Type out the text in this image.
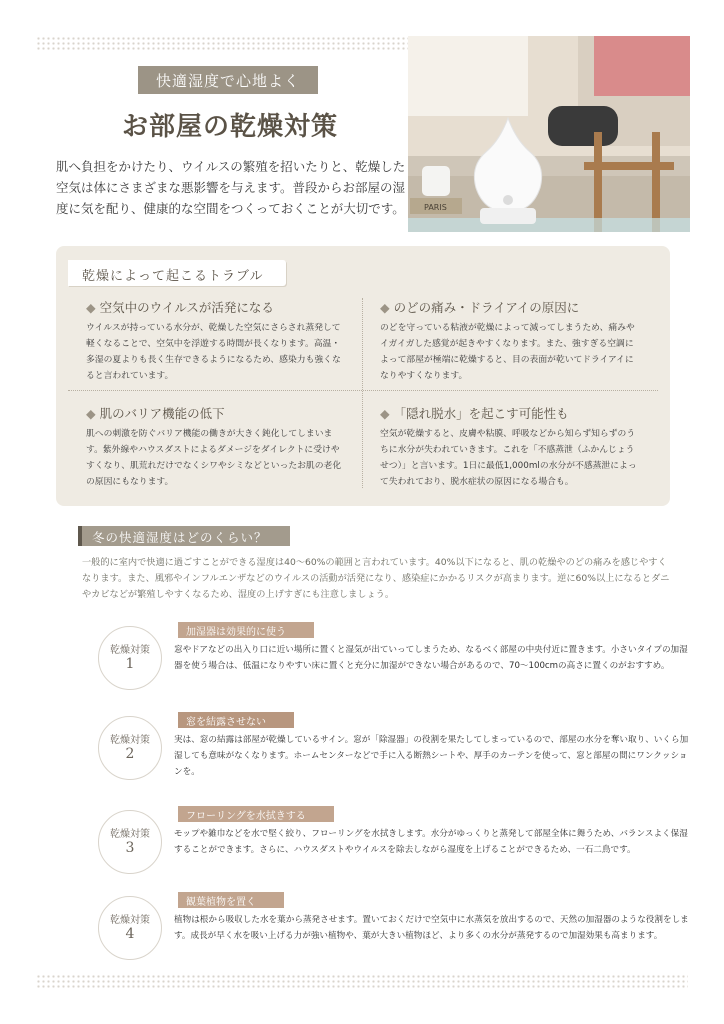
快適湿度で心地よく
お部屋の乾燥対策

肌へ負担をかけたり、ウイルスの繁殖を招いたりと、乾燥した空気は体にさまざまな悪影響を与えます。普段からお部屋の湿度に気を配り、健康的な空間をつくっておくことが大切です。 PARIS
乾燥によって起こるトラブル
◆ 空気中のウイルスが活発になる

ウイルスが持っている水分が、乾燥した空気にさらされ蒸発して軽くなることで、空気中を浮遊する時間が長くなります。高温・多湿の夏よりも長く生存できるようになるため、感染力も強くなると言われています。

◆ のどの痛み・ドライアイの原因に

のどを守っている粘液が乾燥によって減ってしまうため、痛みやイガイガした感覚が起きやすくなります。また、強すぎる空調によって部屋が極端に乾燥すると、目の表面が乾いてドライアイになりやすくなります。

◆ 肌のバリア機能の低下

肌への刺激を防ぐバリア機能の働きが大きく鈍化してしまいます。紫外線やハウスダストによるダメージをダイレクトに受けやすくなり、肌荒れだけでなくシワやシミなどといったお肌の老化の原因にもなります。

◆ 「隠れ脱水」を起こす可能性も

空気が乾燥すると、皮膚や粘膜、呼吸などから知らず知らずのうちに水分が失われていきます。これを「不感蒸泄（ふかんじょうせつ）」と言います。1日に最低1,000mlの水分が不感蒸泄によって失われており、脱水症状の原因になる場合も。

冬の快適湿度はどのくらい？

一般的に室内で快適に過ごすことができる湿度は40〜60%の範囲と言われています。40%以下になると、肌の乾燥やのどの痛みを感じやすくなります。また、風邪やインフルエンザなどのウイルスの活動が活発になり、感染症にかかるリスクが高まります。逆に60%以上になるとダニやカビなどが繁殖しやすくなるため、湿度の上げすぎにも注意しましょう。

乾燥対策
1
加湿器は効果的に使う

窓やドアなどの出入り口に近い場所に置くと湿気が出ていってしまうため、なるべく部屋の中央付近に置きます。小さいタイプの加湿器を使う場合は、低温になりやすい床に置くと充分に加湿ができない場合があるので、70〜100cmの高さに置くのがおすすめ。

乾燥対策
2
窓を結露させない

実は、窓の結露は部屋が乾燥しているサイン。窓が「除湿器」の役割を果たしてしまっているので、部屋の水分を奪い取り、いくら加湿しても意味がなくなります。ホームセンターなどで手に入る断熱シートや、厚手のカーテンを使って、窓と部屋の間にワンクッションを。

乾燥対策
3
フローリングを水拭きする

モップや雑巾などを水で堅く絞り、フローリングを水拭きします。水分がゆっくりと蒸発して部屋全体に舞うため、バランスよく保湿することができます。さらに、ハウスダストやウイルスを除去しながら湿度を上げることができるため、一石二鳥です。

乾燥対策
4
観葉植物を置く

植物は根から吸収した水を葉から蒸発させます。置いておくだけで空気中に水蒸気を放出するので、天然の加湿器のような役割をします。成長が早く水を吸い上げる力が強い植物や、葉が大きい植物ほど、より多くの水分が蒸発するので加湿効果も高まります。
